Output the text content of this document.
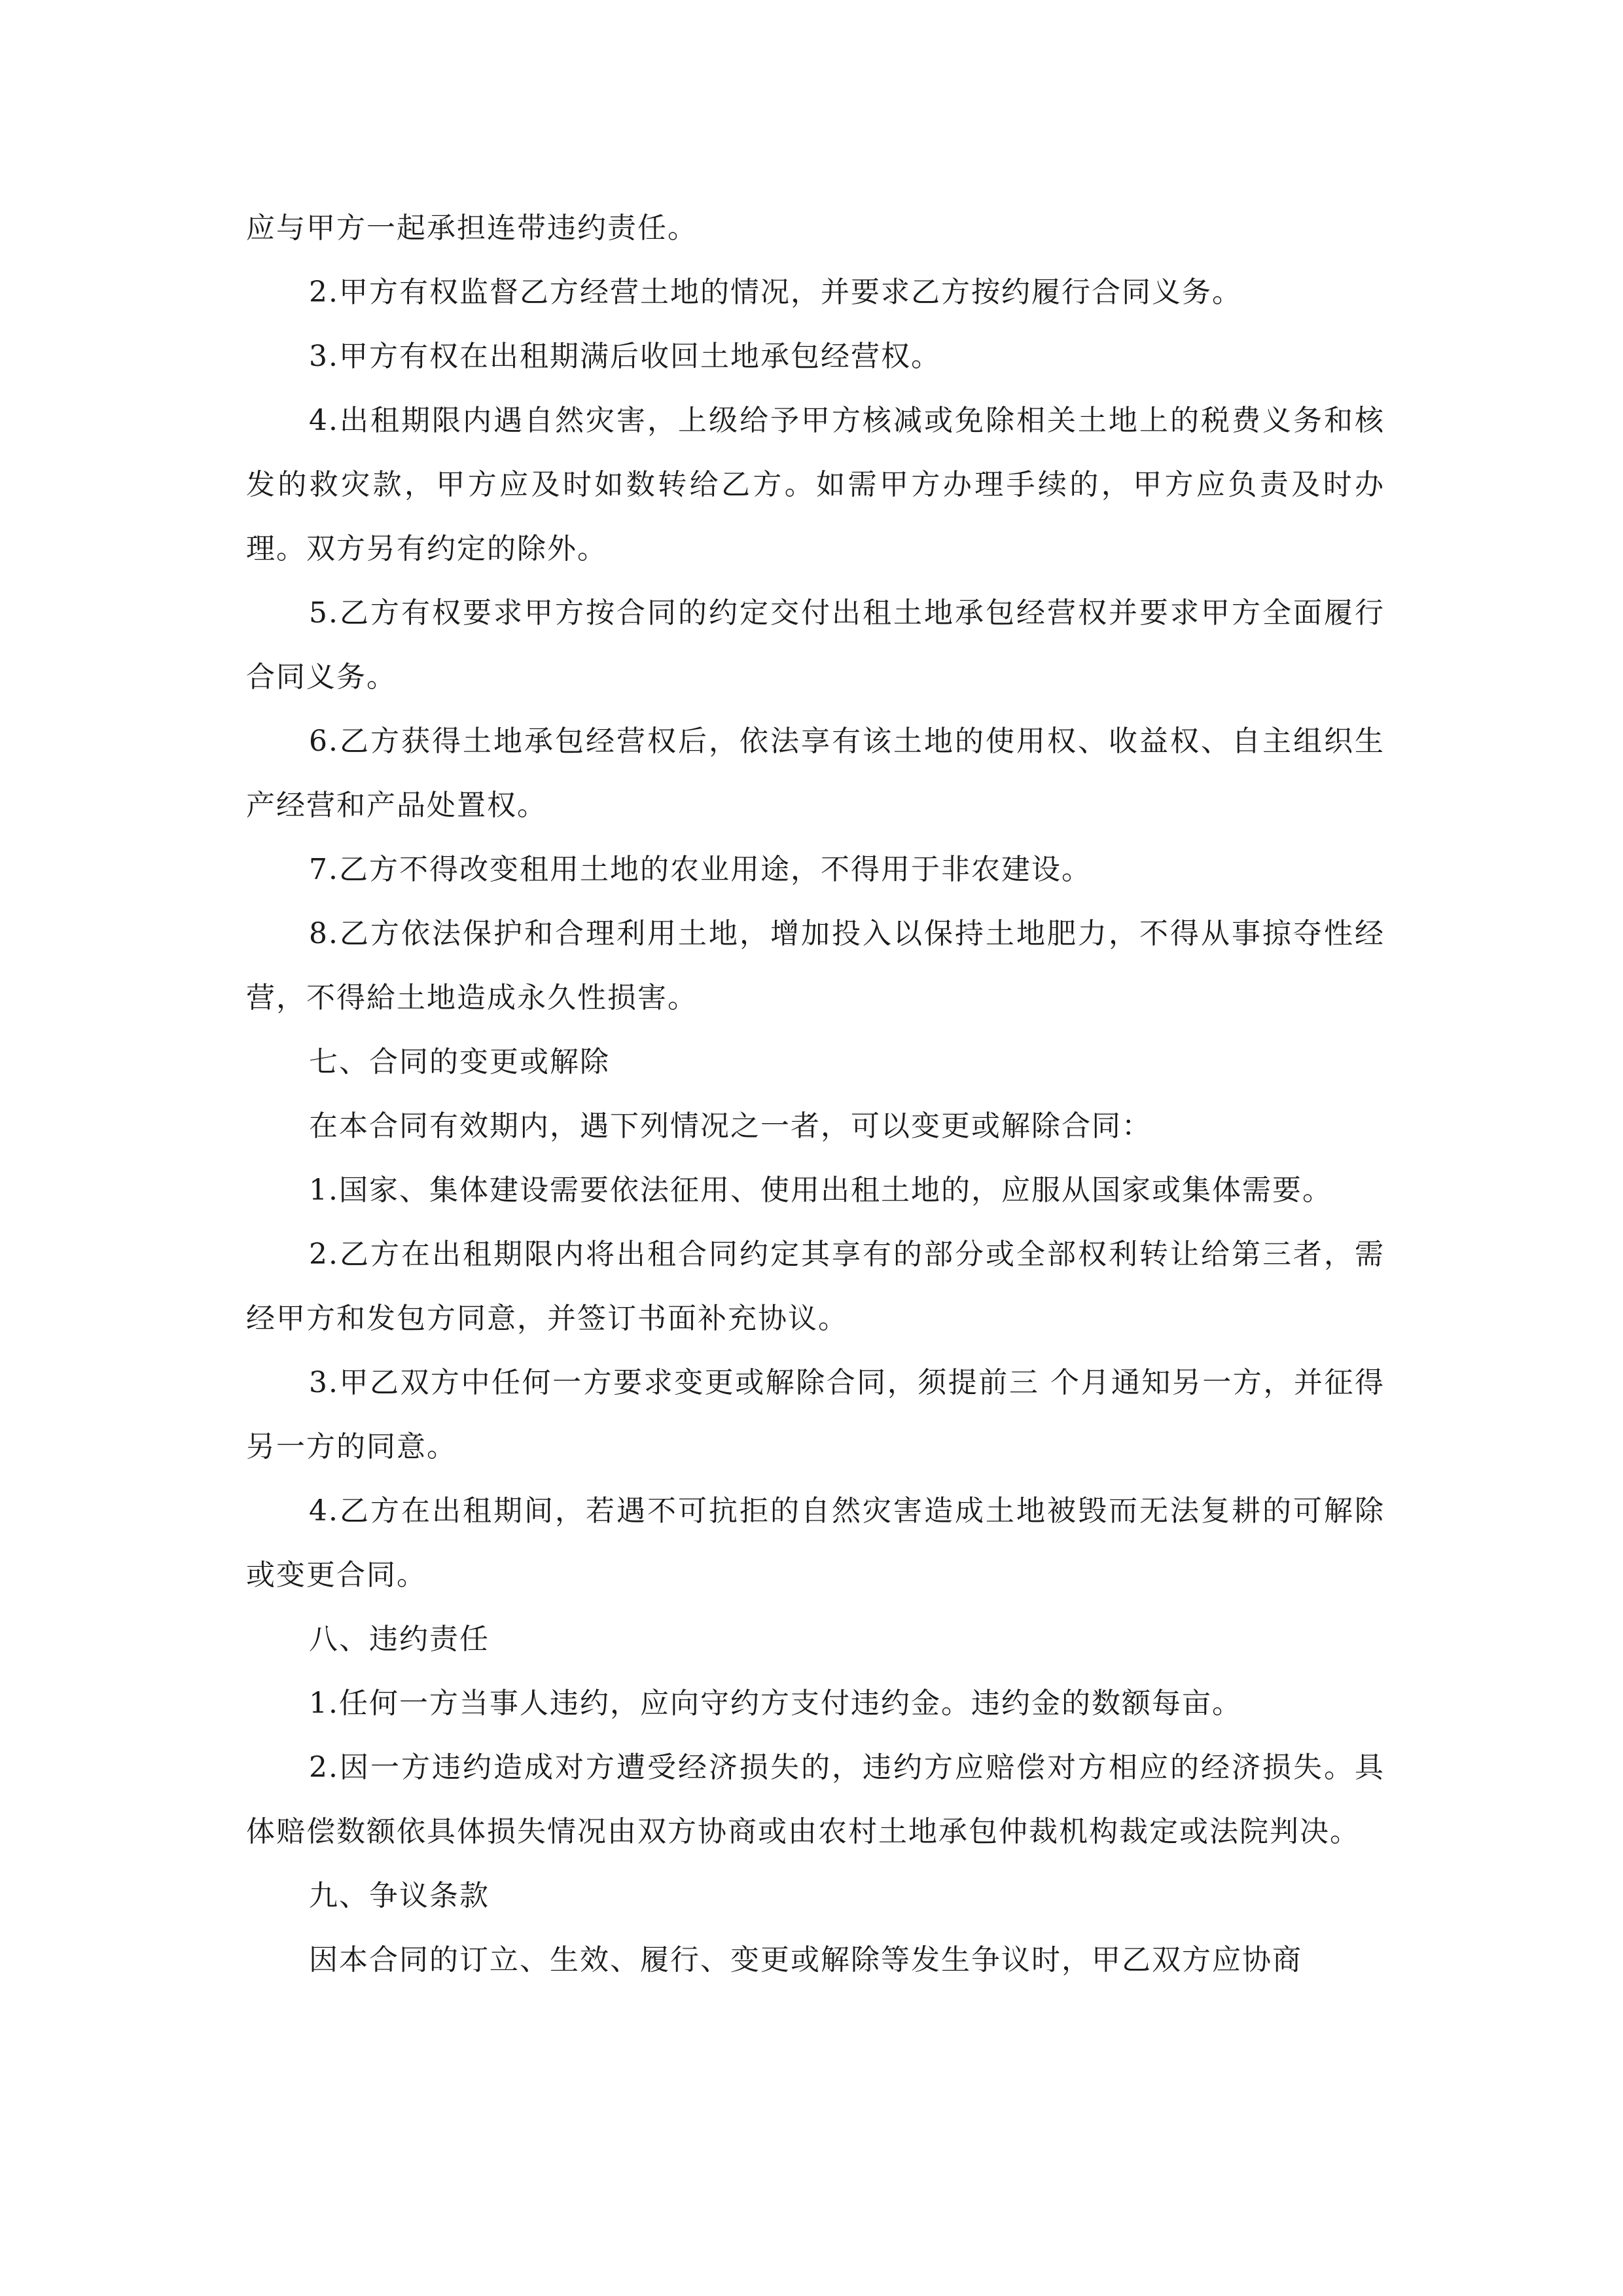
应与甲方一起承担连带违约责任。

2.甲方有权监督乙方经营土地的情况，并要求乙方按约履行合同义务。

3.甲方有权在出租期满后收回土地承包经营权。

4.出租期限内遇自然灾害，上级给予甲方核减或免除相关土地上的税费义务和核发的救灾款，甲方应及时如数转给乙方。如需甲方办理手续的，甲方应负责及时办理。双方另有约定的除外。

5.乙方有权要求甲方按合同的约定交付出租土地承包经营权并要求甲方全面履行合同义务。

6.乙方获得土地承包经营权后，依法享有该土地的使用权、收益权、自主组织生产经营和产品处置权。

7.乙方不得改变租用土地的农业用途，不得用于非农建设。

8.乙方依法保护和合理利用土地，增加投入以保持土地肥力，不得从事掠夺性经营，不得給土地造成永久性损害。

七、合同的变更或解除

在本合同有效期内，遇下列情况之一者，可以变更或解除合同：

1.国家、集体建设需要依法征用、使用出租土地的，应服从国家或集体需要。

2.乙方在出租期限内将出租合同约定其享有的部分或全部权利转让给第三者，需经甲方和发包方同意，并签订书面补充协议。

3.甲乙双方中任何一方要求变更或解除合同，须提前三 个月通知另一方，并征得另一方的同意。

4.乙方在出租期间，若遇不可抗拒的自然灾害造成土地被毁而无法复耕的可解除或变更合同。

八、违约责任

1.任何一方当事人违约，应向守约方支付违约金。违约金的数额每亩。

2.因一方违约造成对方遭受经济损失的，违约方应赔偿对方相应的经济损失。具体赔偿数额依具体损失情况由双方协商或由农村土地承包仲裁机构裁定或法院判决。

九、争议条款

因本合同的订立、生效、履行、变更或解除等发生争议时，甲乙双方应协商
